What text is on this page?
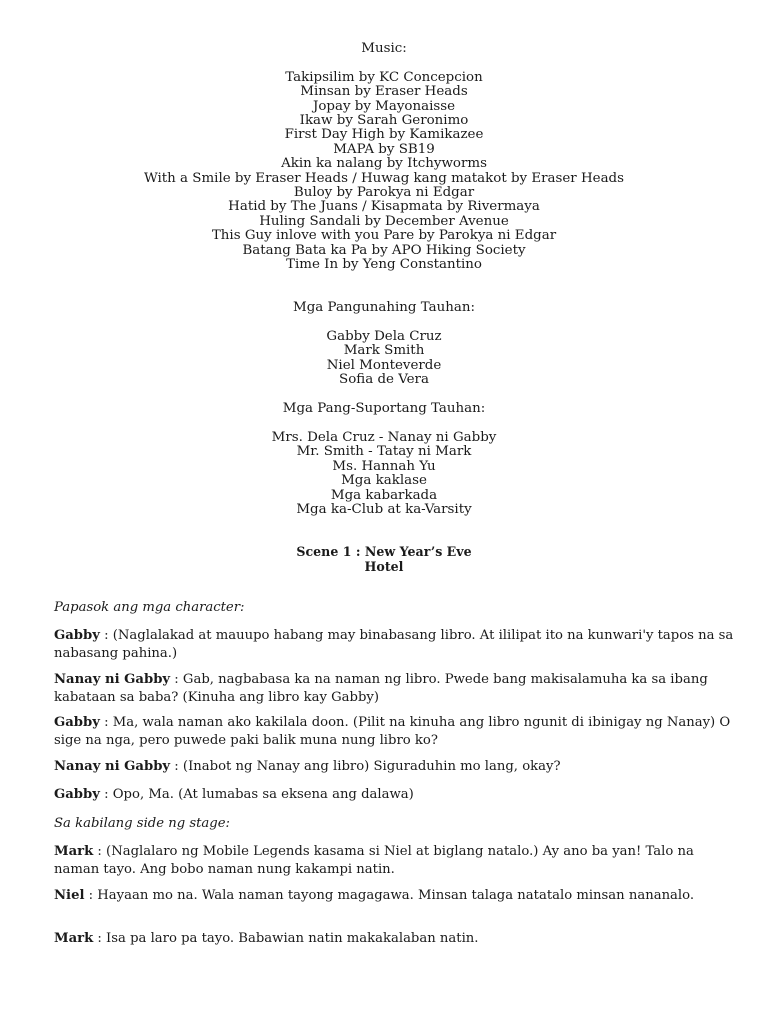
Music:
Takipsilim by KC Concepcion
Minsan by Eraser Heads
Jopay by Mayonaisse
Ikaw by Sarah Geronimo
First Day High by Kamikazee
MAPA by SB19
Akin ka nalang by Itchyworms
With a Smile by Eraser Heads / Huwag kang matakot by Eraser Heads
Buloy by Parokya ni Edgar
Hatid by The Juans / Kisapmata by Rivermaya
Huling Sandali by December Avenue
This Guy inlove with you Pare by Parokya ni Edgar
Batang Bata ka Pa by APO Hiking Society
Time In by Yeng Constantino
Mga Pangunahing Tauhan:
Gabby Dela Cruz
Mark Smith
Niel Monteverde
Sofia de Vera
Mga Pang-Suportang Tauhan:
Mrs. Dela Cruz - Nanay ni Gabby
Mr. Smith - Tatay ni Mark
Ms. Hannah Yu
Mga kaklase
Mga kabarkada
Mga ka-Club at ka-Varsity
Scene 1 : New Year’s Eve
Hotel

Papasok ang mga character:

Gabby : (Naglalakad at mauupo habang may binabasang libro. At ililipat ito na kunwari'y tapos na sa nabasang pahina.)

Nanay ni Gabby : Gab, nagbabasa ka na naman ng libro. Pwede bang makisalamuha ka sa ibang kabataan sa baba? (Kinuha ang libro kay Gabby)

Gabby : Ma, wala naman ako kakilala doon. (Pilit na kinuha ang libro ngunit di ibinigay ng Nanay) O sige na nga, pero puwede paki balik muna nung libro ko?

Nanay ni Gabby : (Inabot ng Nanay ang libro) Siguraduhin mo lang, okay?

Gabby : Opo, Ma. (At lumabas sa eksena ang dalawa)

Sa kabilang side ng stage:

Mark : (Naglalaro ng Mobile Legends kasama si Niel at biglang natalo.) Ay ano ba yan! Talo na naman tayo. Ang bobo naman nung kakampi natin.

Niel : Hayaan mo na. Wala naman tayong magagawa. Minsan talaga natatalo minsan nananalo.

Mark : Isa pa laro pa tayo. Babawian natin makakalaban natin.
